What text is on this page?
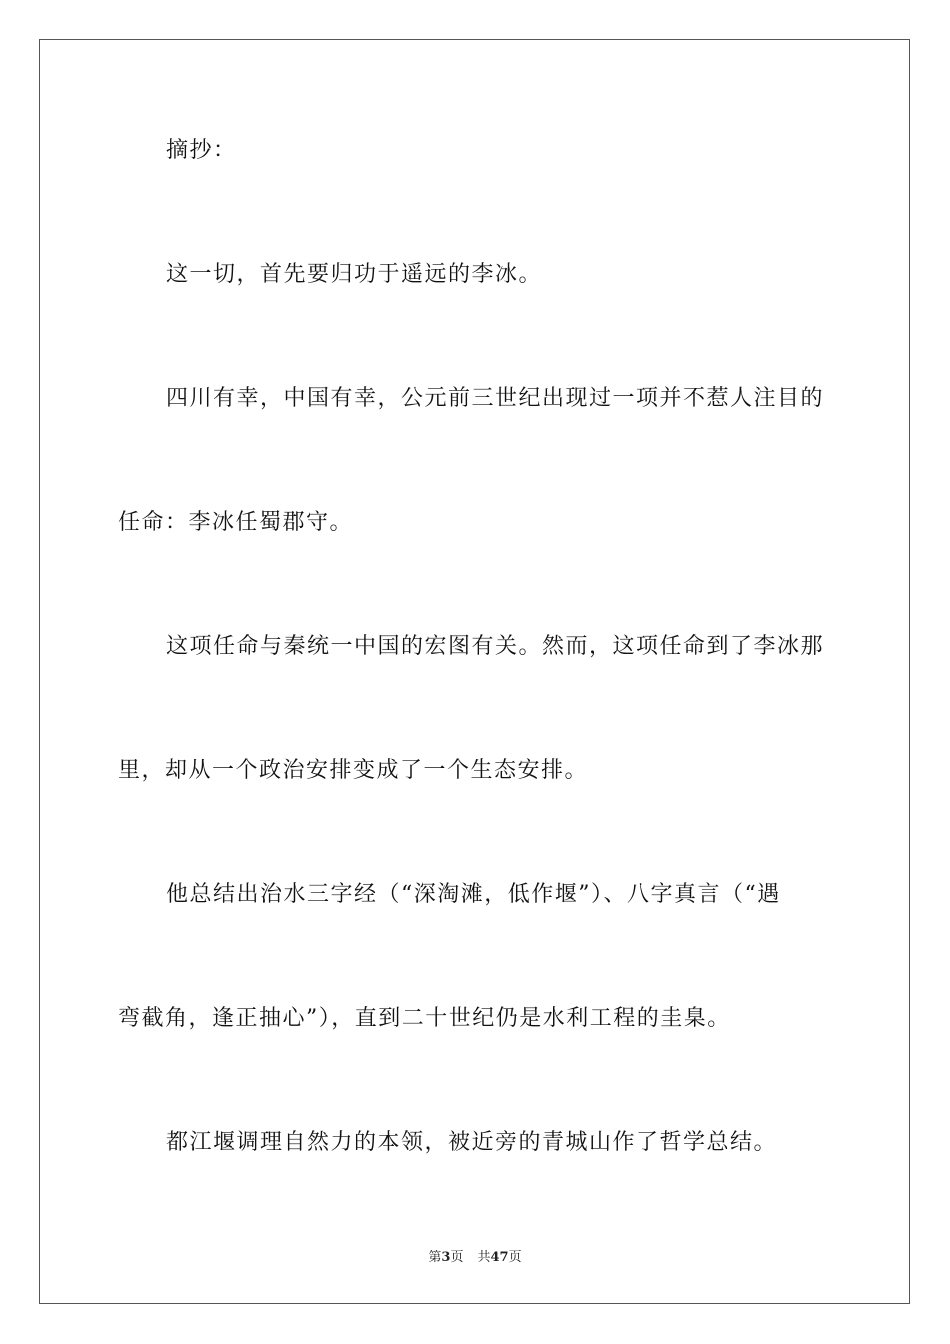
摘抄：
这一切，首先要归功于遥远的李冰。
四川有幸，中国有幸，公元前三世纪出现过一项并不惹人注目的
任命：李冰任蜀郡守。
这项任命与秦统一中国的宏图有关。然而，这项任命到了李冰那
里，却从一个政治安排变成了一个生态安排。
他总结出治水三字经（“深淘滩，低作堰”）、八字真言（“遇
弯截角，逢正抽心”），直到二十世纪仍是水利工程的圭臬。
都江堰调理自然力的本领，被近旁的青城山作了哲学总结。
第3页 共47页
